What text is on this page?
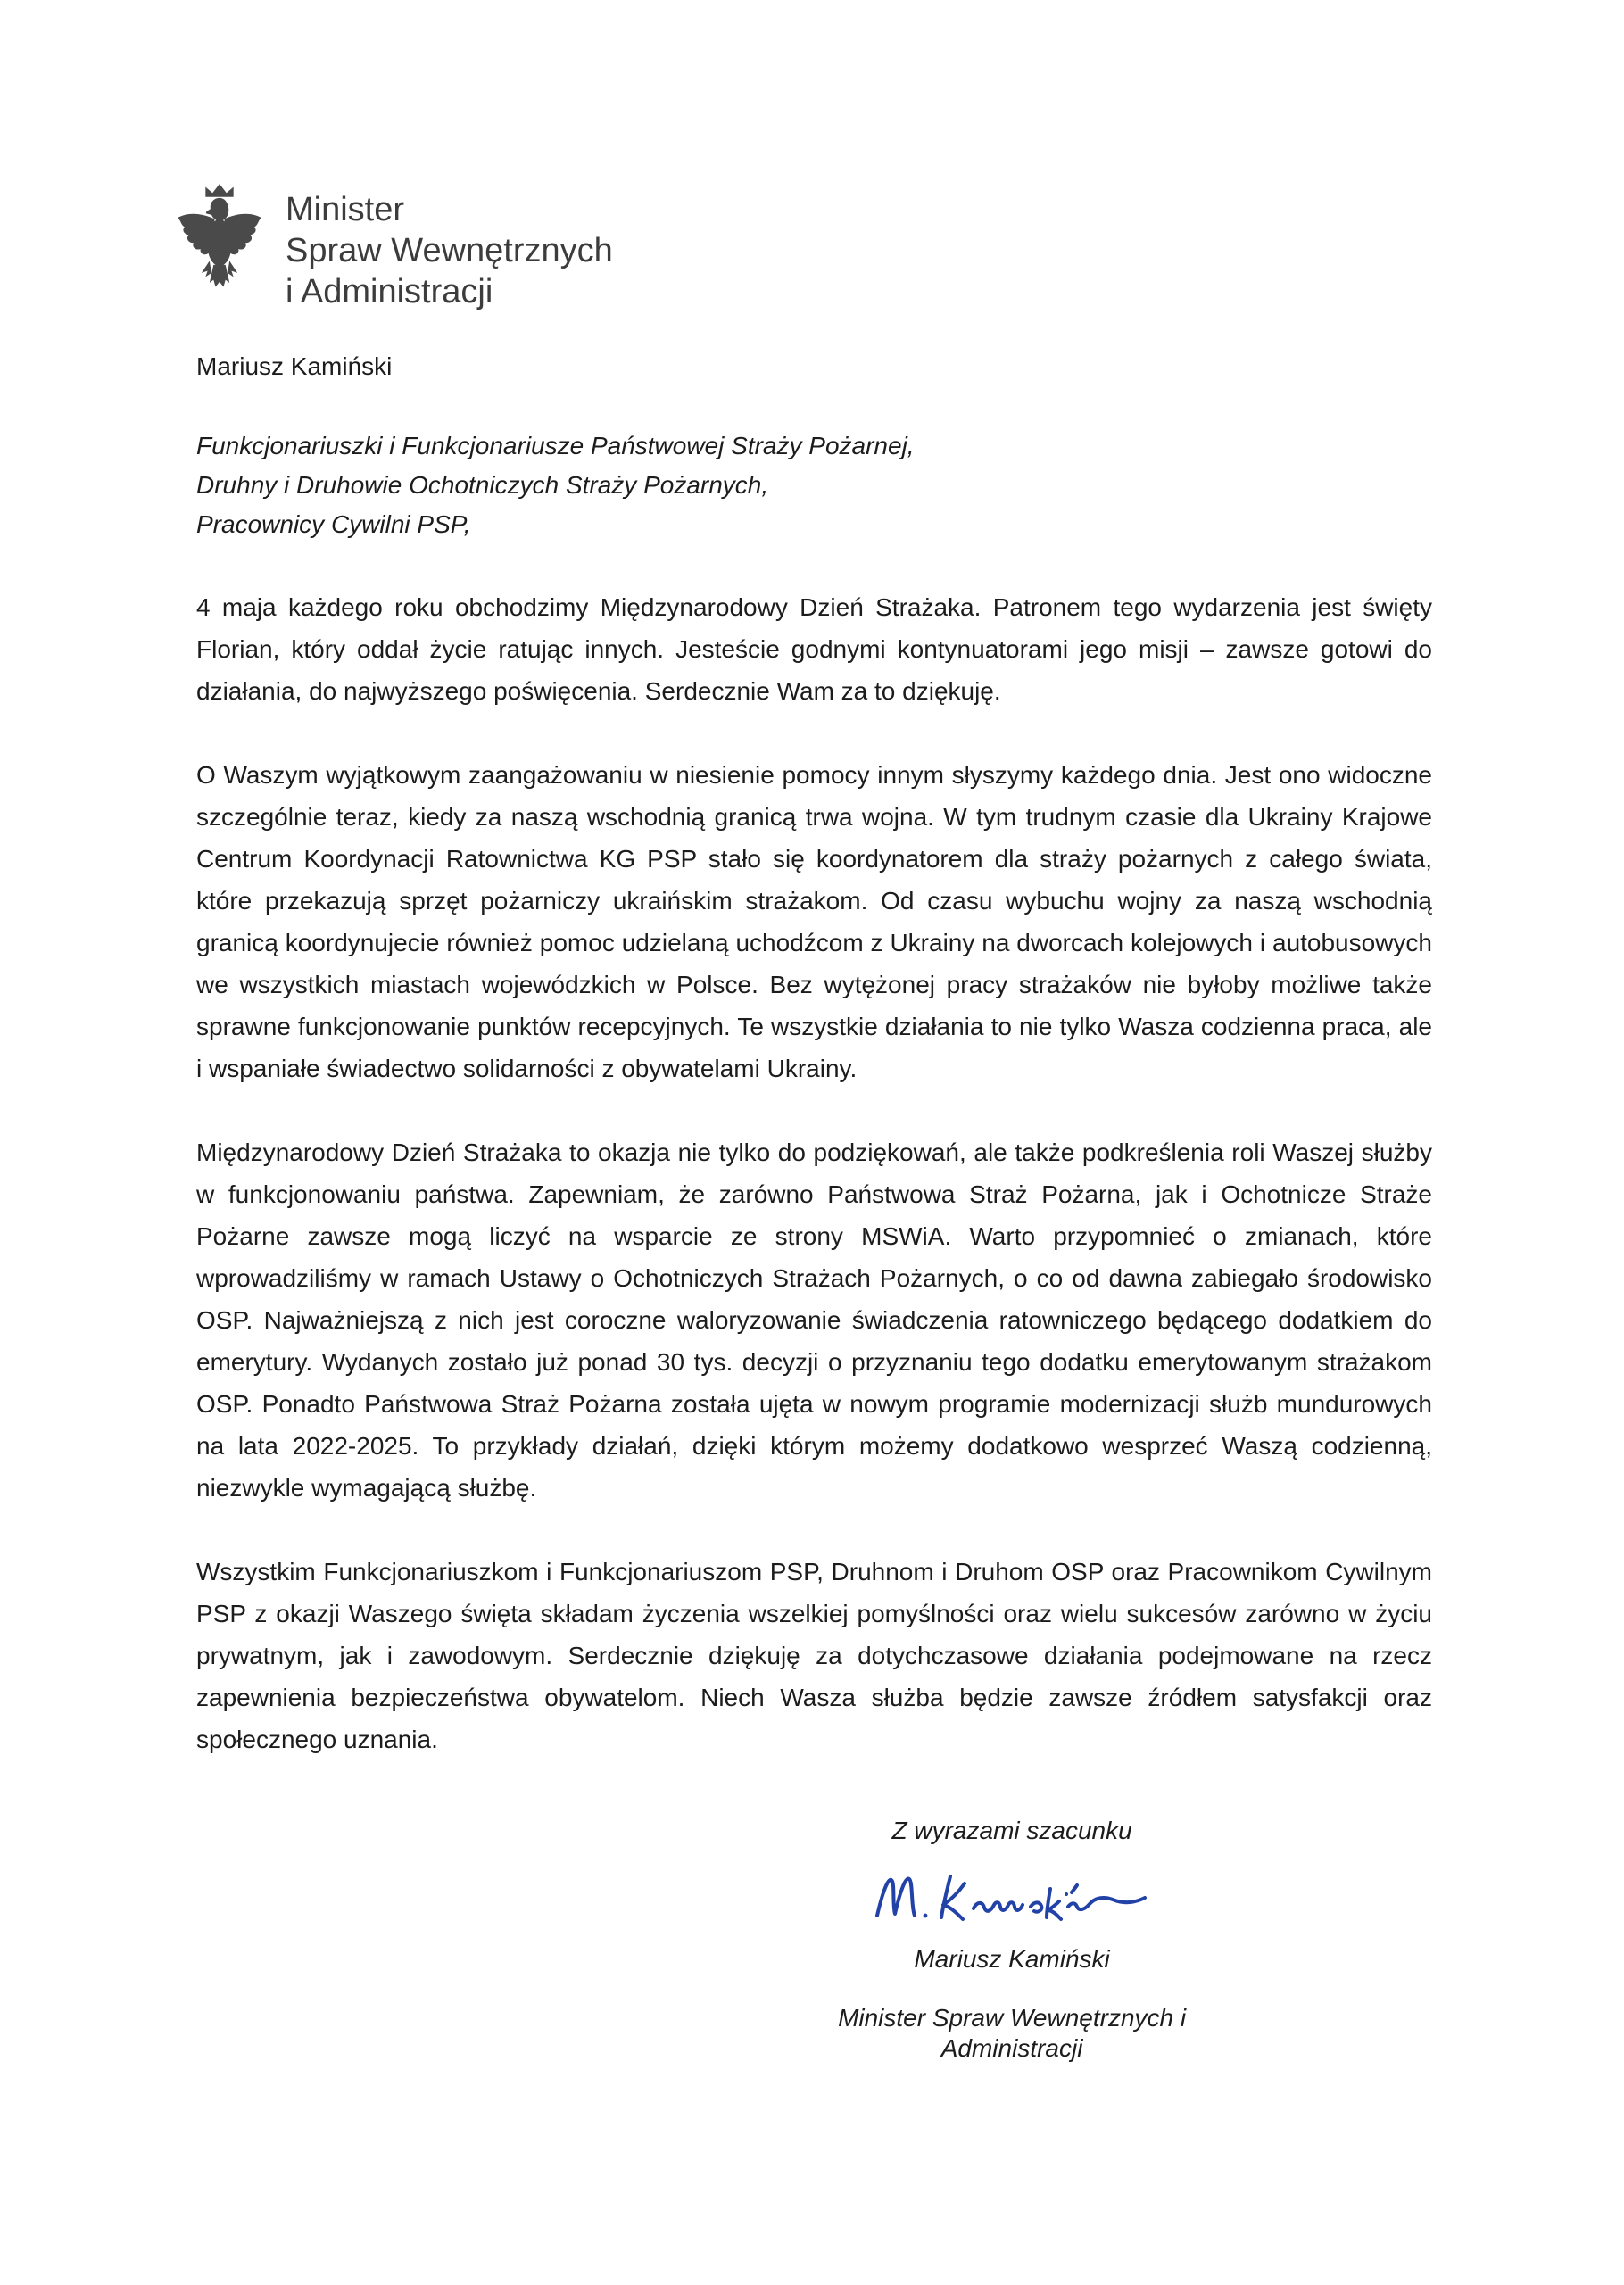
Minister
Spraw Wewnętrznych
i Administracji
Mariusz Kamiński
Funkcjonariuszki i Funkcjonariusze Państwowej Straży Pożarnej,
Druhny i Druhowie Ochotniczych Straży Pożarnych,
Pracownicy Cywilni PSP,

4 maja każdego roku obchodzimy Międzynarodowy Dzień Strażaka. Patronem tego wydarzenia jest święty Florian, który oddał życie ratując innych. Jesteście godnymi kontynuatorami jego misji – zawsze gotowi do działania, do najwyższego poświęcenia. Serdecznie Wam za to dziękuję.

O Waszym wyjątkowym zaangażowaniu w niesienie pomocy innym słyszymy każdego dnia. Jest ono widoczne szczególnie teraz, kiedy za naszą wschodnią granicą trwa wojna. W tym trudnym czasie dla Ukrainy Krajowe Centrum Koordynacji Ratownictwa KG PSP stało się koordynatorem dla straży pożarnych z całego świata, które przekazują sprzęt pożarniczy ukraińskim strażakom. Od czasu wybuchu wojny za naszą wschodnią granicą koordynujecie również pomoc udzielaną uchodźcom z Ukrainy na dworcach kolejowych i autobusowych we wszystkich miastach wojewódzkich w Polsce. Bez wytężonej pracy strażaków nie byłoby możliwe także sprawne funkcjonowanie punktów recepcyjnych. Te wszystkie działania to nie tylko Wasza codzienna praca, ale i wspaniałe świadectwo solidarności z obywatelami Ukrainy.

Międzynarodowy Dzień Strażaka to okazja nie tylko do podziękowań, ale także podkreślenia roli Waszej służby w funkcjonowaniu państwa. Zapewniam, że zarówno Państwowa Straż Pożarna, jak i Ochotnicze Straże Pożarne zawsze mogą liczyć na wsparcie ze strony MSWiA. Warto przypomnieć o zmianach, które wprowadziliśmy w ramach Ustawy o Ochotniczych Strażach Pożarnych, o co od dawna zabiegało środowisko OSP. Najważniejszą z nich jest coroczne waloryzowanie świadczenia ratowniczego będącego dodatkiem do emerytury. Wydanych zostało już ponad 30 tys. decyzji o przyznaniu tego dodatku emerytowanym strażakom OSP. Ponadto Państwowa Straż Pożarna została ujęta w nowym programie modernizacji służb mundurowych na lata 2022-2025. To przykłady działań, dzięki którym możemy dodatkowo wesprzeć Waszą codzienną, niezwykle wymagającą służbę.

Wszystkim Funkcjonariuszkom i Funkcjonariuszom PSP, Druhnom i Druhom OSP oraz Pracownikom Cywilnym PSP z okazji Waszego święta składam życzenia wszelkiej pomyślności oraz wielu sukcesów zarówno w życiu prywatnym, jak i zawodowym. Serdecznie dziękuję za dotychczasowe działania podejmowane na rzecz zapewnienia bezpieczeństwa obywatelom. Niech Wasza służba będzie zawsze źródłem satysfakcji oraz społecznego uznania.

Z wyrazami szacunku
Mariusz Kamiński
Minister Spraw Wewnętrznych i Administracji
